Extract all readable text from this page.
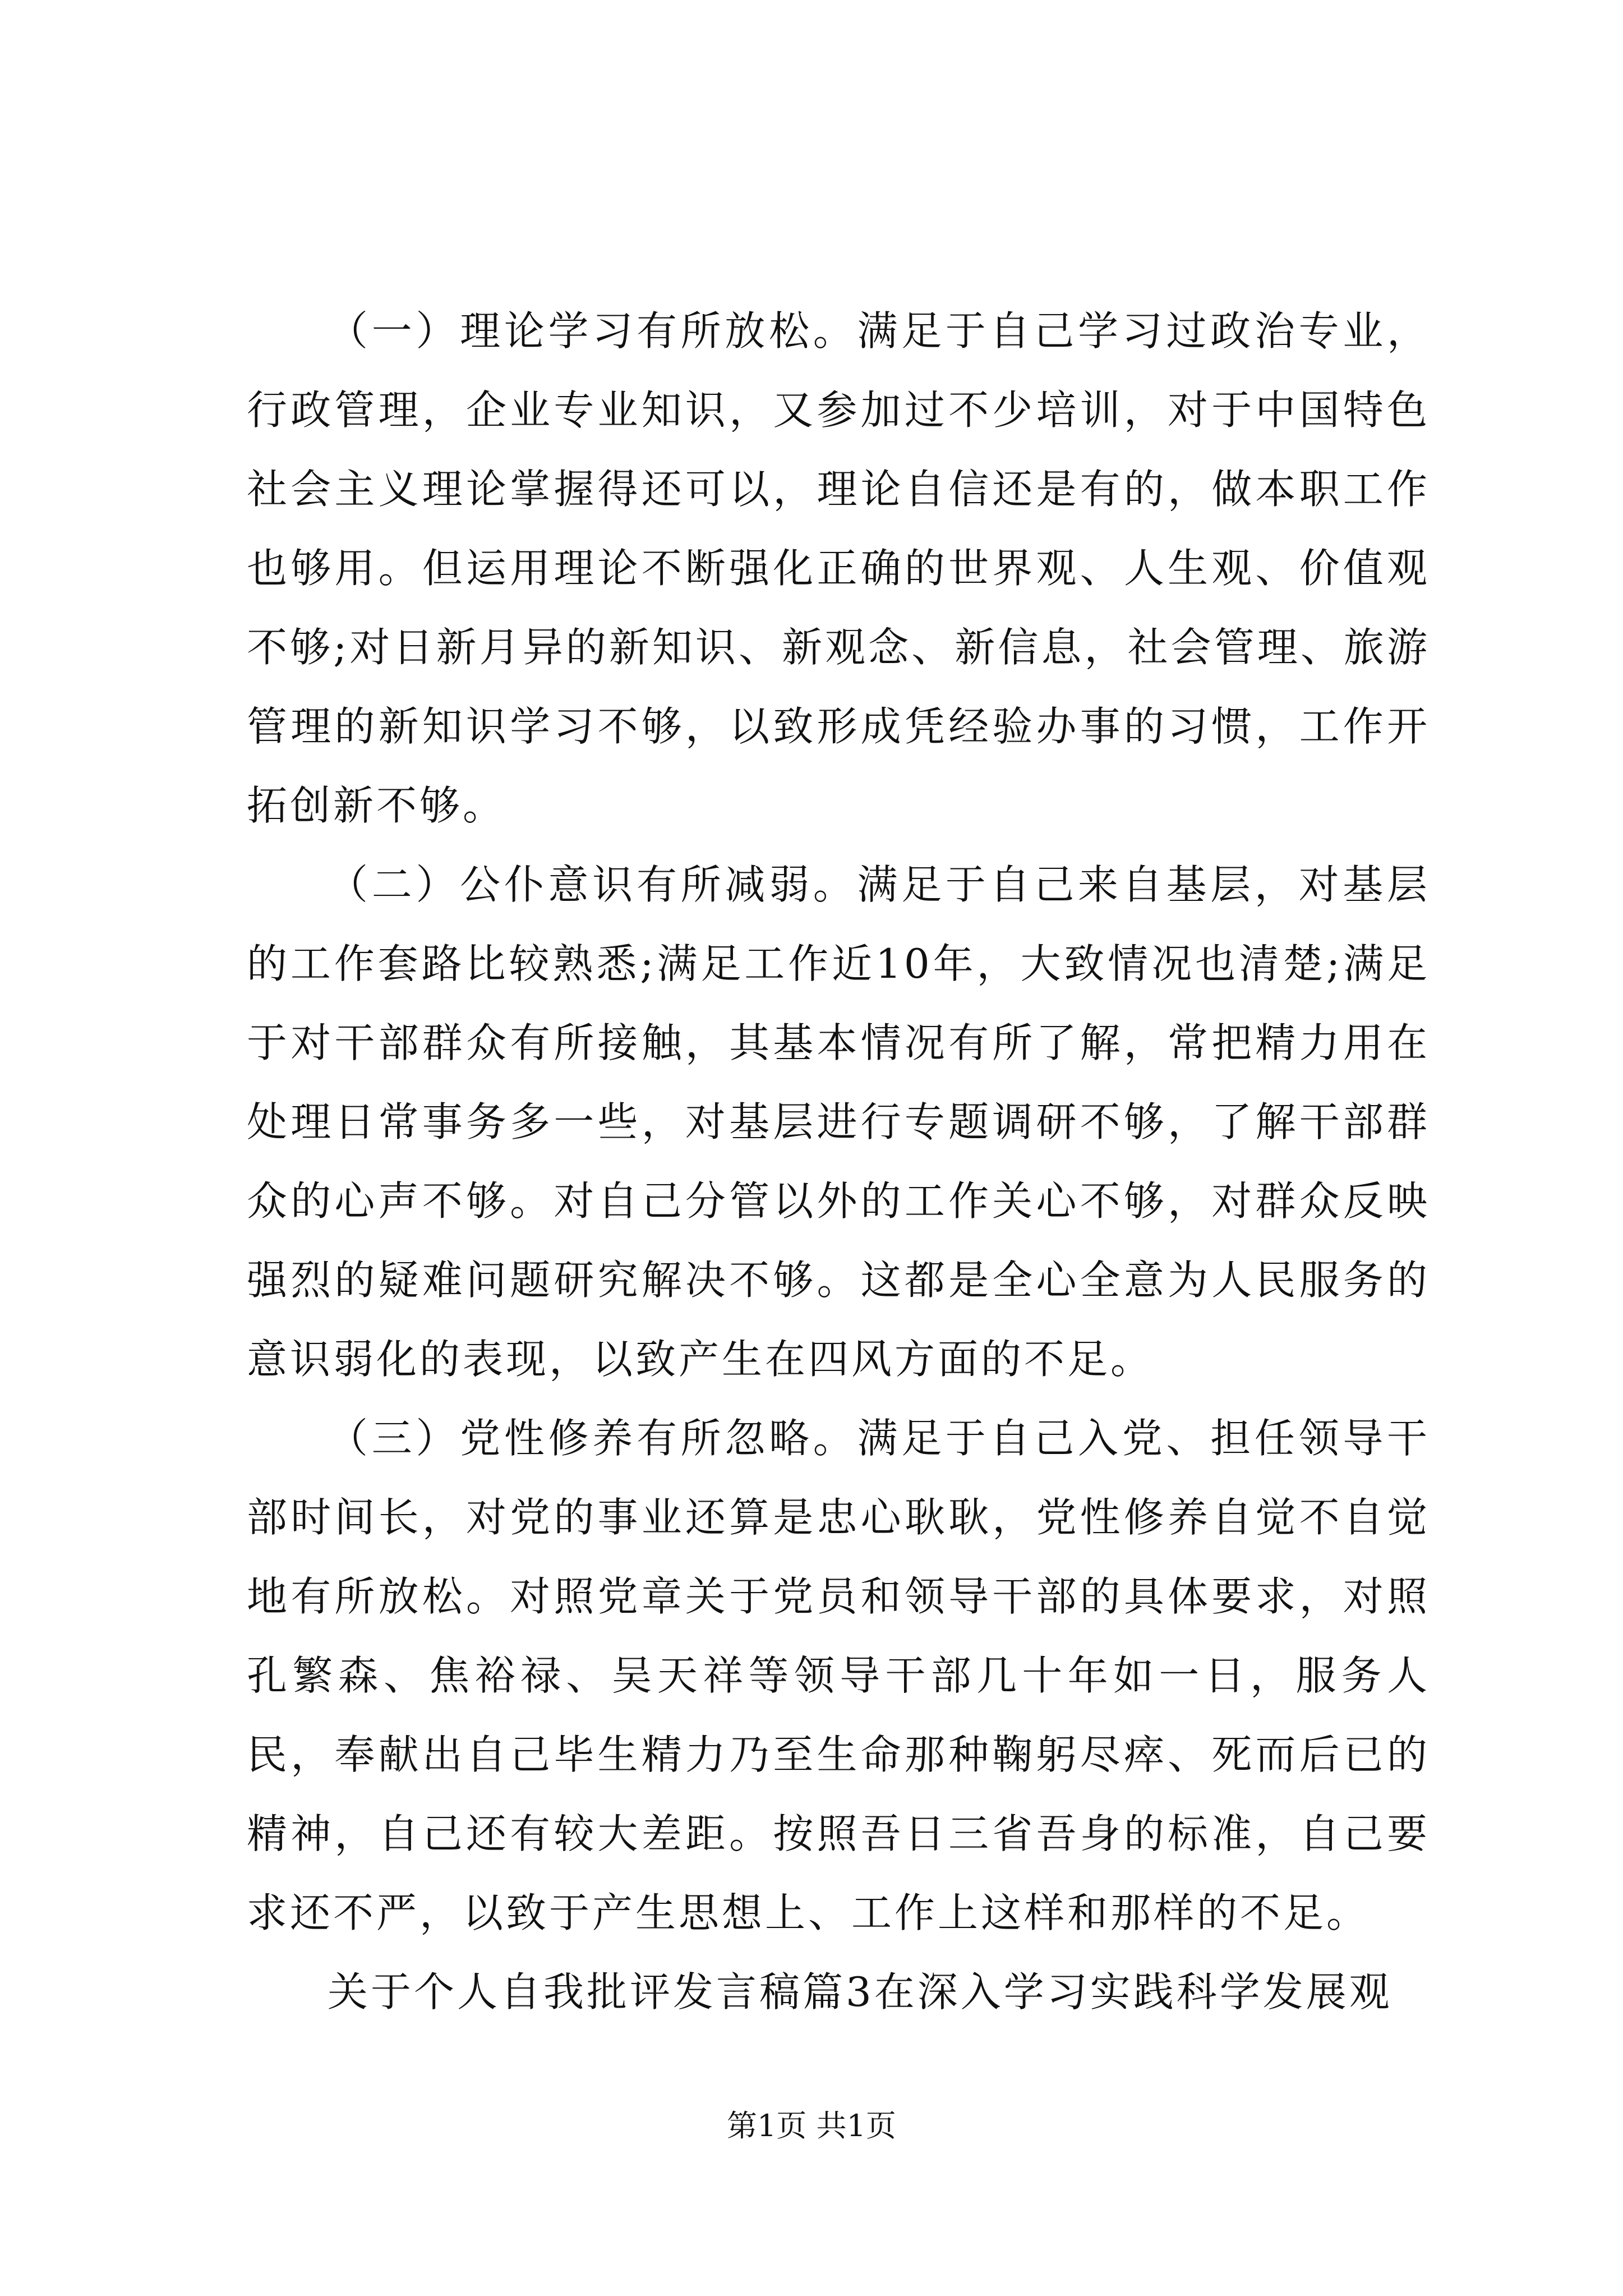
（一）理论学习有所放松。满足于自己学习过政治专业，行政管理，企业专业知识，又参加过不少培训，对于中国特色社会主义理论掌握得还可以，理论自信还是有的，做本职工作也够用。但运用理论不断强化正确的世界观、人生观、价值观不够;对日新月异的新知识、新观念、新信息，社会管理、旅游管理的新知识学习不够，以致形成凭经验办事的习惯，工作开拓创新不够。

（二）公仆意识有所减弱。满足于自己来自基层，对基层的工作套路比较熟悉;满足工作近10年，大致情况也清楚;满足于对干部群众有所接触，其基本情况有所了解，常把精力用在处理日常事务多一些，对基层进行专题调研不够，了解干部群众的心声不够。对自己分管以外的工作关心不够，对群众反映强烈的疑难问题研究解决不够。这都是全心全意为人民服务的意识弱化的表现，以致产生在四风方面的不足。

（三）党性修养有所忽略。满足于自己入党、担任领导干部时间长，对党的事业还算是忠心耿耿，党性修养自觉不自觉地有所放松。对照党章关于党员和领导干部的具体要求，对照孔繁森、焦裕禄、吴天祥等领导干部几十年如一日，服务人民，奉献出自己毕生精力乃至生命那种鞠躬尽瘁、死而后已的精神，自己还有较大差距。按照吾日三省吾身的标准，自己要求还不严，以致于产生思想上、工作上这样和那样的不足。

关于个人自我批评发言稿篇3在深入学习实践科学发展观

第1页 共1页
